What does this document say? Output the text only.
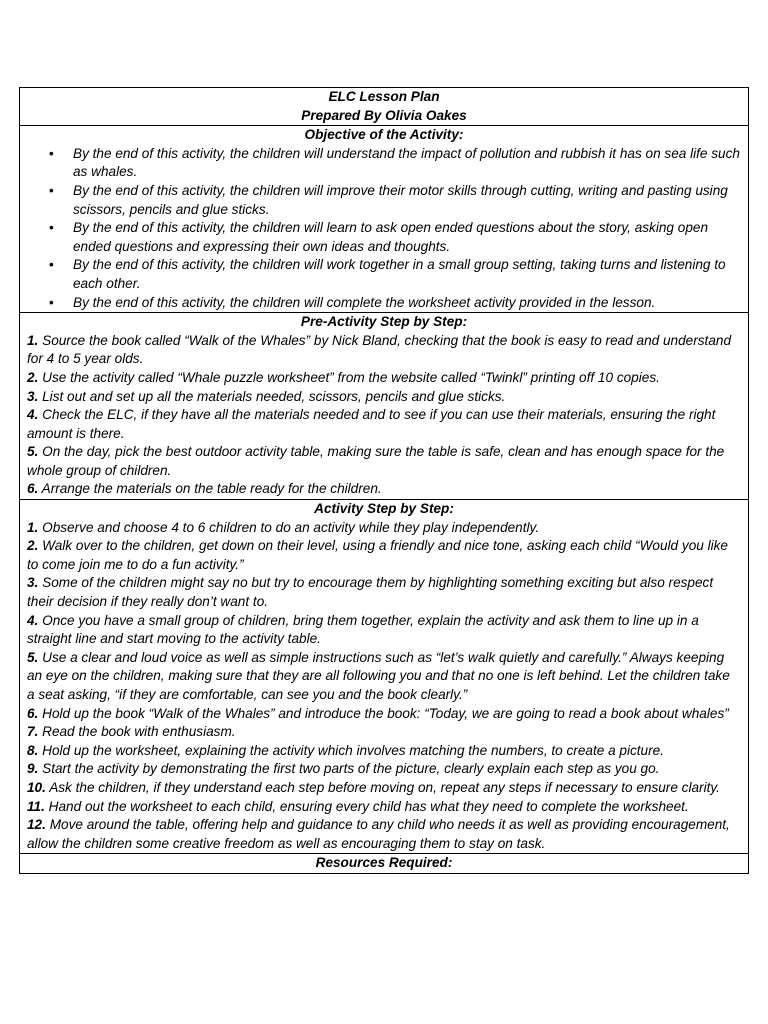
ELC Lesson Plan
Prepared By Olivia Oakes
Objective of the Activity:
• By the end of this activity, the children will understand the impact of pollution and rubbish it has on sea life such as whales.
• By the end of this activity, the children will improve their motor skills through cutting, writing and pasting using scissors, pencils and glue sticks.
• By the end of this activity, the children will learn to ask open ended questions about the story, asking open ended questions and expressing their own ideas and thoughts.
• By the end of this activity, the children will work together in a small group setting, taking turns and listening to each other.
• By the end of this activity, the children will complete the worksheet activity provided in the lesson.
Pre-Activity Step by Step:
1. Source the book called “Walk of the Whales” by Nick Bland, checking that the book is easy to read and understand for 4 to 5 year olds.
2. Use the activity called “Whale puzzle worksheet” from the website called “Twinkl” printing off 10 copies.
3. List out and set up all the materials needed, scissors, pencils and glue sticks.
4. Check the ELC, if they have all the materials needed and to see if you can use their materials, ensuring the right amount is there.
5. On the day, pick the best outdoor activity table, making sure the table is safe, clean and has enough space for the whole group of children.
6. Arrange the materials on the table ready for the children.
Activity Step by Step:
1. Observe and choose 4 to 6 children to do an activity while they play independently.
2. Walk over to the children, get down on their level, using a friendly and nice tone, asking each child “Would you like to come join me to do a fun activity.”
3. Some of the children might say no but try to encourage them by highlighting something exciting but also respect their decision if they really don’t want to.
4. Once you have a small group of children, bring them together, explain the activity and ask them to line up in a straight line and start moving to the activity table.
5. Use a clear and loud voice as well as simple instructions such as “let’s walk quietly and carefully.” Always keeping an eye on the children, making sure that they are all following you and that no one is left behind. Let the children take a seat asking, “if they are comfortable, can see you and the book clearly.”
6. Hold up the book “Walk of the Whales” and introduce the book: “Today, we are going to read a book about whales”
7. Read the book with enthusiasm.
8. Hold up the worksheet, explaining the activity which involves matching the numbers, to create a picture.
9. Start the activity by demonstrating the first two parts of the picture, clearly explain each step as you go.
10. Ask the children, if they understand each step before moving on, repeat any steps if necessary to ensure clarity.
11. Hand out the worksheet to each child, ensuring every child has what they need to complete the worksheet.
12. Move around the table, offering help and guidance to any child who needs it as well as providing encouragement, allow the children some creative freedom as well as encouraging them to stay on task.
Resources Required:
